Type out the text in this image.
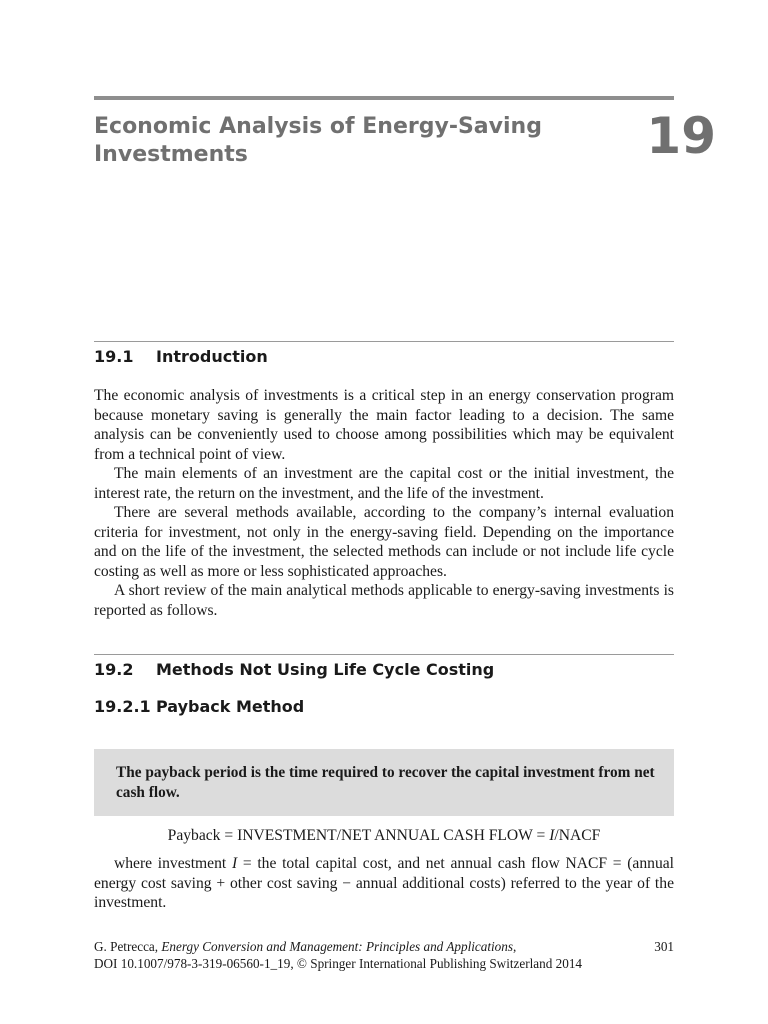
Economic Analysis of Energy-Saving
Investments	19
19.1 Introduction

The economic analysis of investments is a critical step in an energy conservation program because monetary saving is generally the main factor leading to a decision. The same analysis can be conveniently used to choose among possibilities which may be equivalent from a technical point of view.

The main elements of an investment are the capital cost or the initial investment, the interest rate, the return on the investment, and the life of the investment.

There are several methods available, according to the company’s internal evaluation criteria for investment, not only in the energy-saving field. Depending on the importance and on the life of the investment, the selected methods can include or not include life cycle costing as well as more or less sophisticated approaches.

A short review of the main analytical methods applicable to energy-saving investments is reported as follows.

19.2 Methods Not Using Life Cycle Costing
19.2.1 Payback Method

The payback period is the time required to recover the capital investment from net cash flow.

Payback = INVESTMENT/NET ANNUAL CASH FLOW = I/NACF

where investment I = the total capital cost, and net annual cash flow NACF = (annual energy cost saving + other cost saving − annual additional costs) referred to the year of the investment.

G. Petrecca, Energy Conversion and Management: Principles and Applications,
DOI 10.1007/978-3-319-06560-1_19, © Springer International Publishing Switzerland 2014
301
